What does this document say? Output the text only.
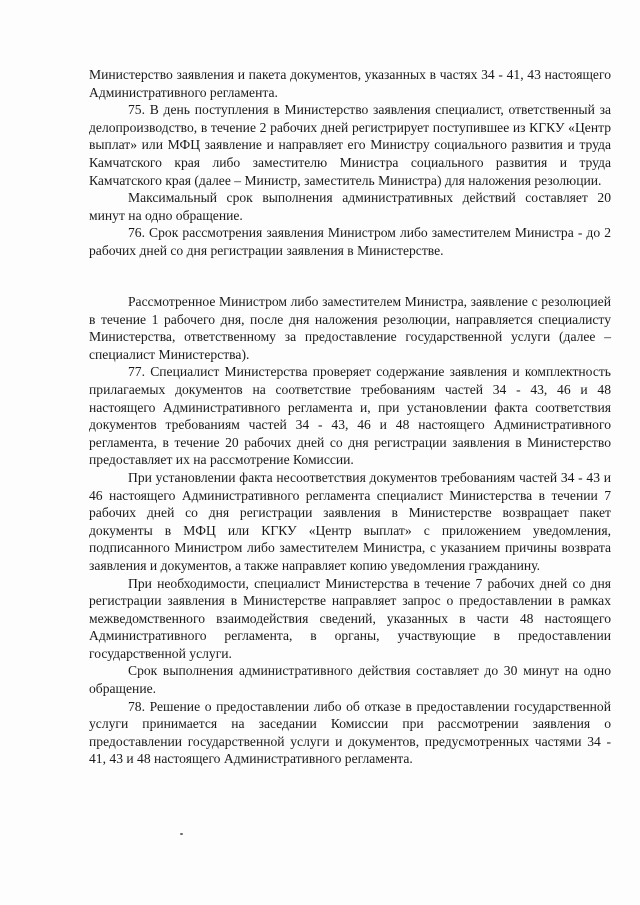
Министерство заявления и пакета документов, указанных в частях 34 - 41, 43 настоящего Административного регламента.

75. В день поступления в Министерство заявления специалист, ответственный за делопроизводство, в течение 2 рабочих дней регистрирует поступившее из КГКУ «Центр выплат» или МФЦ заявление и направляет его Министру социального развития и труда Камчатского края либо заместителю Министра социального развития и труда Камчатского края (далее – Министр, заместитель Министра) для наложения резолюции.

Максимальный срок выполнения административных действий составляет 20 минут на одно обращение.

76. Срок рассмотрения заявления Министром либо заместителем Министра - до 2 рабочих дней со дня регистрации заявления в Министерстве.

Рассмотренное Министром либо заместителем Министра, заявление с резолюцией в течение 1 рабочего дня, после дня наложения резолюции, направляется специалисту Министерства, ответственному за предоставление государственной услуги (далее – специалист Министерства).

77. Специалист Министерства проверяет содержание заявления и комплектность прилагаемых документов на соответствие требованиям частей 34 - 43, 46 и 48 настоящего Административного регламента и, при установлении факта соответствия документов требованиям частей 34 - 43, 46 и 48 настоящего Административного регламента, в течение 20 рабочих дней со дня регистрации заявления в Министерство предоставляет их на рассмотрение Комиссии.

При установлении факта несоответствия документов требованиям частей 34 - 43 и 46 настоящего Административного регламента специалист Министерства в течении 7 рабочих дней со дня регистрации заявления в Министерстве возвращает пакет документы в МФЦ или КГКУ «Центр выплат» с приложением уведомления, подписанного Министром либо заместителем Министра, с указанием причины возврата заявления и документов, а также направляет копию уведомления гражданину.

При необходимости, специалист Министерства в течение 7 рабочих дней со дня регистрации заявления в Министерстве направляет запрос о предоставлении в рамках межведомственного взаимодействия сведений, указанных в части 48 настоящего Административного регламента, в органы, участвующие в предоставлении государственной услуги.

Срок выполнения административного действия составляет до 30 минут на одно обращение.

78. Решение о предоставлении либо об отказе в предоставлении государственной услуги принимается на заседании Комиссии при рассмотрении заявления о предоставлении государственной услуги и документов, предусмотренных частями 34 - 41, 43 и 48 настоящего Административного регламента.
